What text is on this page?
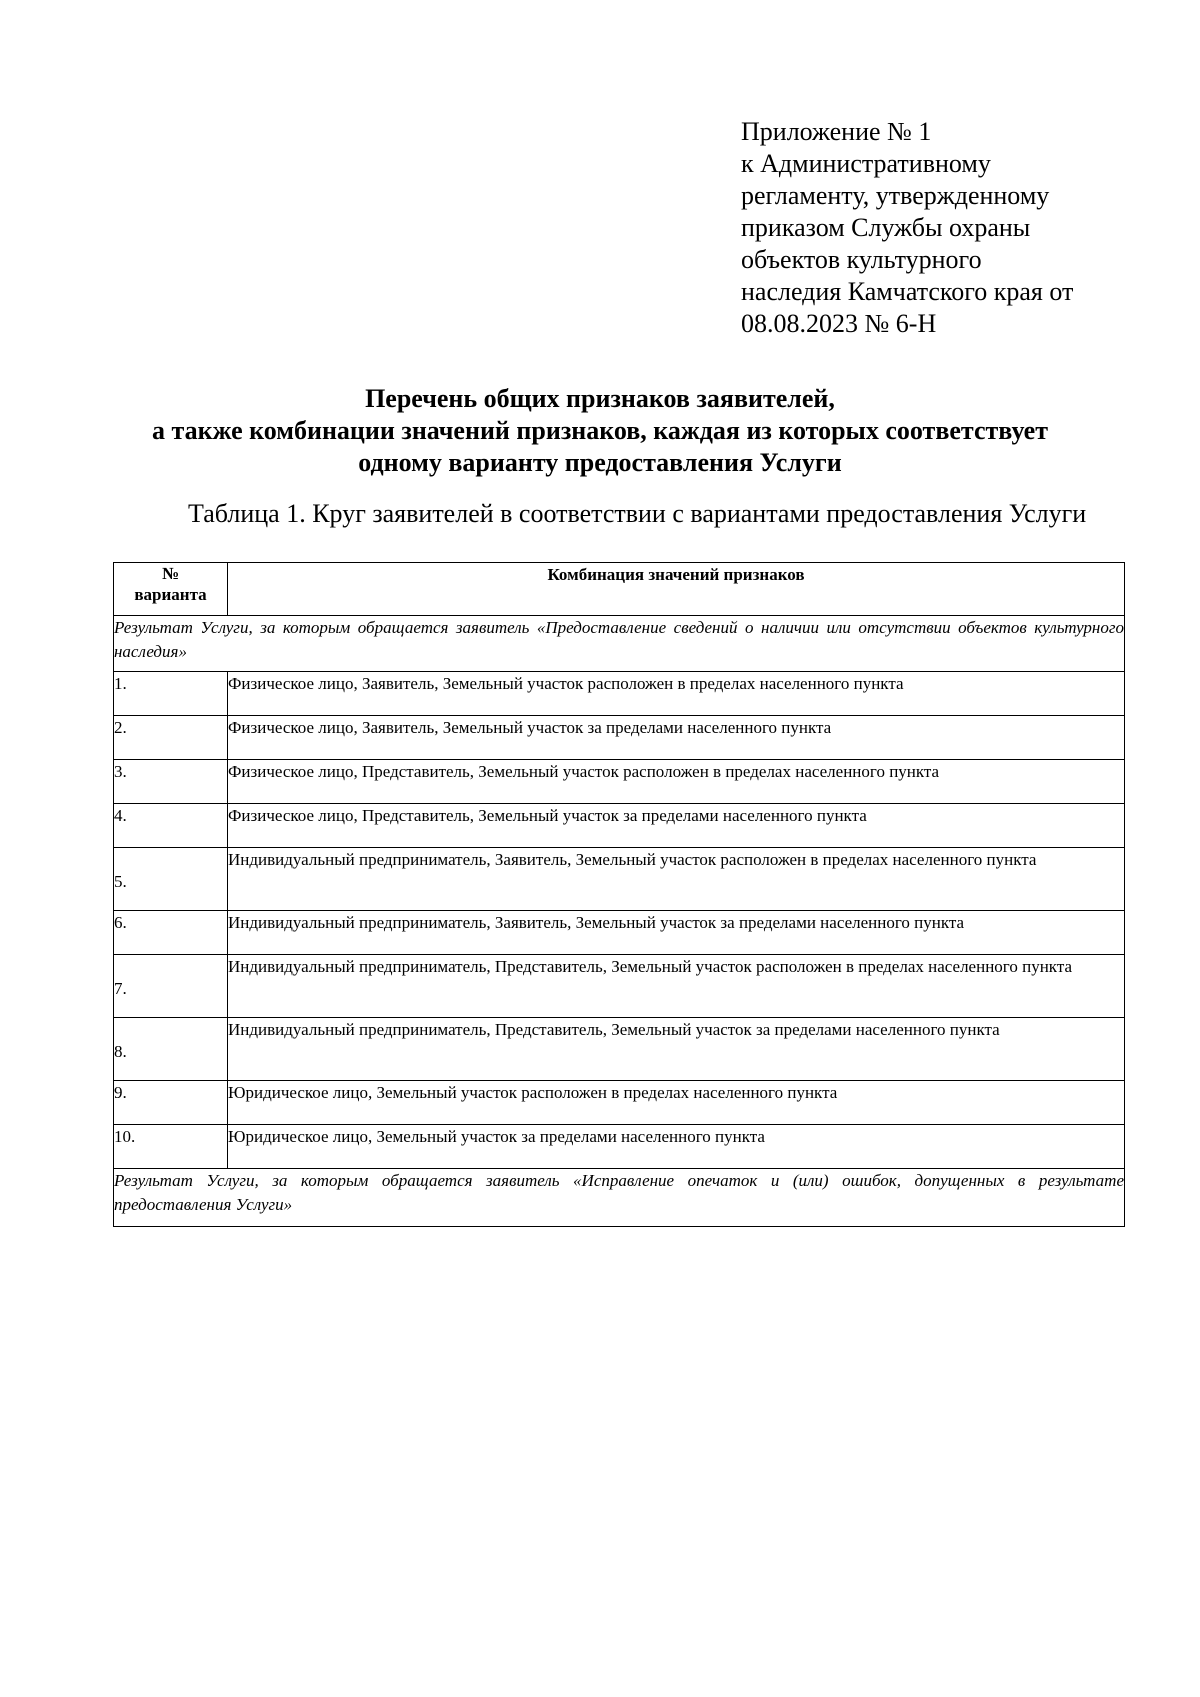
Приложение № 1
к Административному
регламенту, утвержденному
приказом Службы охраны
объектов культурного
наследия Камчатского края от
08.08.2023 № 6-Н
Перечень общих признаков заявителей,
а также комбинации значений признаков, каждая из которых соответствует
одному варианту предоставления Услуги
Таблица 1. Круг заявителей в соответствии с вариантами предоставления Услуги
№
варианта	Комбинация значений признаков
Результат Услуги, за которым обращается заявитель «Предоставление сведений о наличии или отсутствии объектов культурного наследия»	
1.	Физическое лицо, Заявитель, Земельный участок расположен в пределах населенного пункта
2.	Физическое лицо, Заявитель, Земельный участок за пределами населенного пункта
3.	Физическое лицо, Представитель, Земельный участок расположен в пределах населенного пункта
4.	Физическое лицо, Представитель, Земельный участок за пределами населенного пункта
5.	Индивидуальный предприниматель, Заявитель, Земельный участок расположен в пределах населенного пункта
6.	Индивидуальный предприниматель, Заявитель, Земельный участок за пределами населенного пункта
7.	Индивидуальный предприниматель, Представитель, Земельный участок расположен в пределах населенного пункта
8.	Индивидуальный предприниматель, Представитель, Земельный участок за пределами населенного пункта
9.	Юридическое лицо, Земельный участок расположен в пределах населенного пункта
10.	Юридическое лицо, Земельный участок за пределами населенного пункта
Результат Услуги, за которым обращается заявитель «Исправление опечаток и (или) ошибок, допущенных в результате предоставления Услуги»	
